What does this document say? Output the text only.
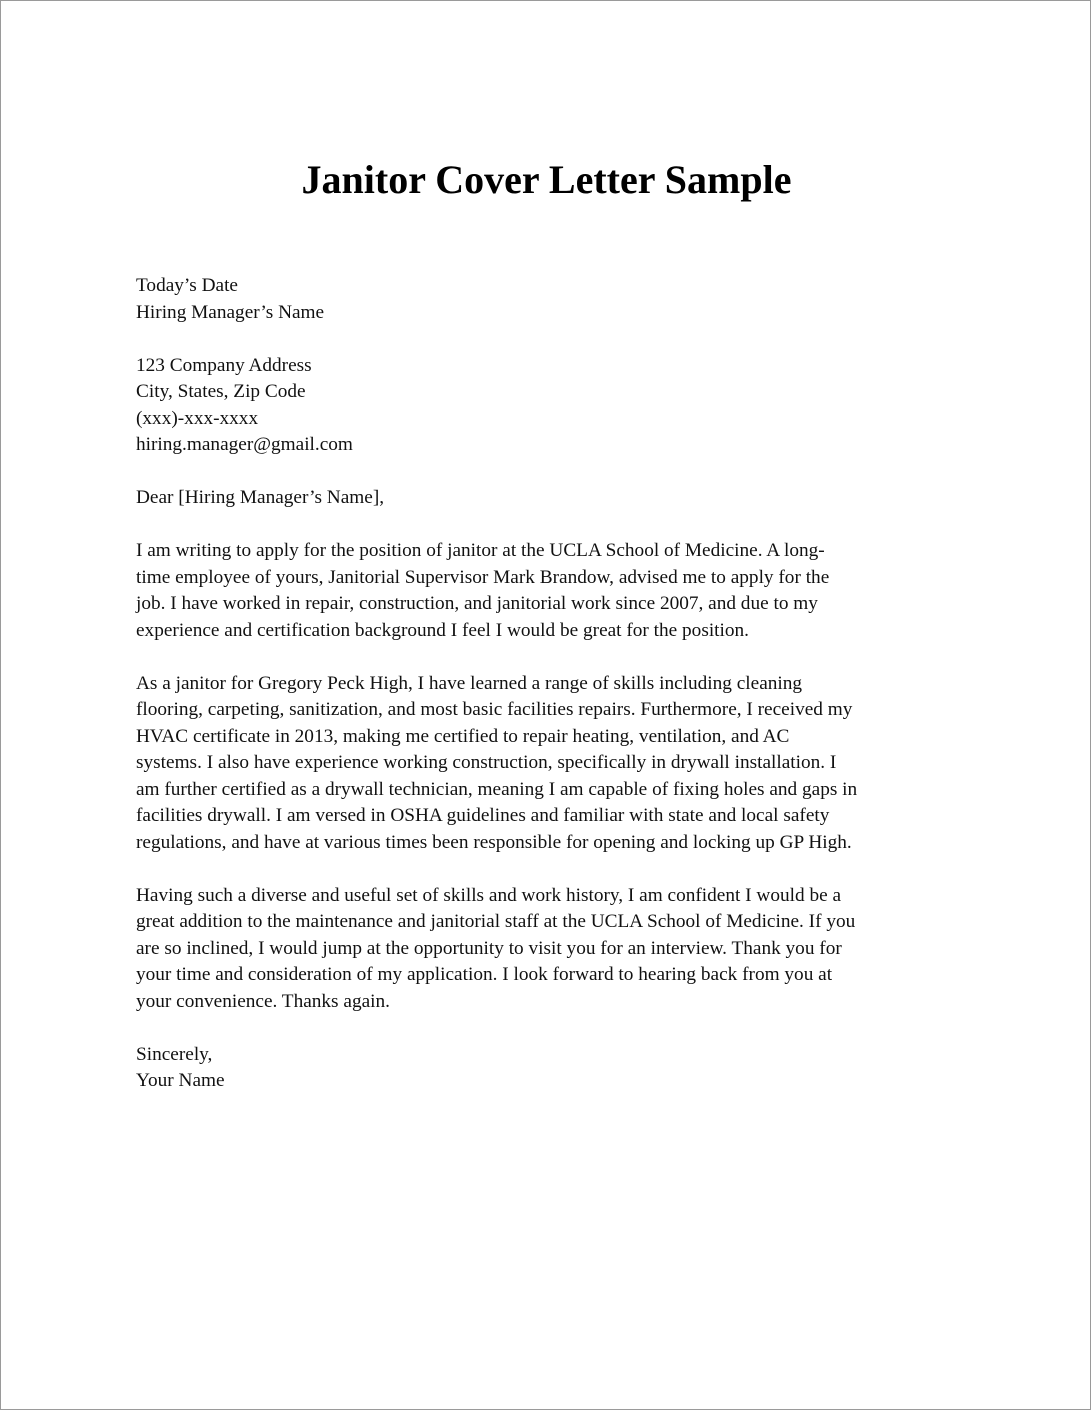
Janitor Cover Letter Sample
Today’s Date
Hiring Manager’s Name
123 Company Address
City, States, Zip Code
(xxx)-xxx-xxxx
hiring.manager@gmail.com
Dear [Hiring Manager’s Name],
I am writing to apply for the position of janitor at the UCLA School of Medicine. A long-
time employee of yours, Janitorial Supervisor Mark Brandow, advised me to apply for the
job. I have worked in repair, construction, and janitorial work since 2007, and due to my
experience and certification background I feel I would be great for the position.
As a janitor for Gregory Peck High, I have learned a range of skills including cleaning
flooring, carpeting, sanitization, and most basic facilities repairs. Furthermore, I received my
HVAC certificate in 2013, making me certified to repair heating, ventilation, and AC
systems. I also have experience working construction, specifically in drywall installation. I
am further certified as a drywall technician, meaning I am capable of fixing holes and gaps in
facilities drywall. I am versed in OSHA guidelines and familiar with state and local safety
regulations, and have at various times been responsible for opening and locking up GP High.
Having such a diverse and useful set of skills and work history, I am confident I would be a
great addition to the maintenance and janitorial staff at the UCLA School of Medicine. If you
are so inclined, I would jump at the opportunity to visit you for an interview. Thank you for
your time and consideration of my application. I look forward to hearing back from you at
your convenience. Thanks again.
Sincerely,
Your Name
